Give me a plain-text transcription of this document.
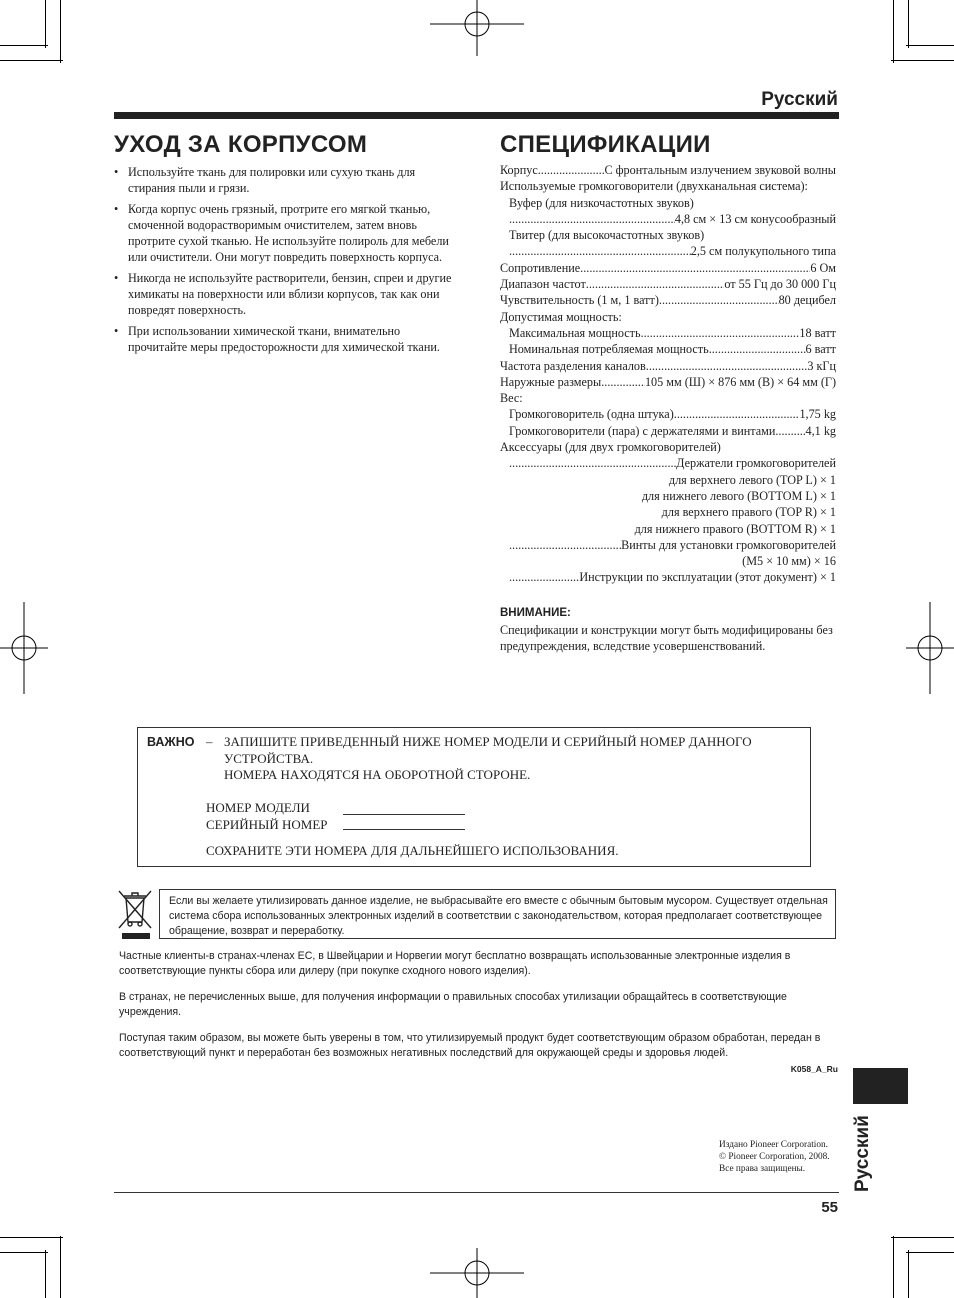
Русский
УХОД ЗА КОРПУСОМ
• Используйте ткань для полировки или сухую ткань для стирания пыли и грязи.
• Когда корпус очень грязный, протрите его мягкой тканью, смоченной водорастворимым очистителем, затем вновь протрите сухой тканью. Не используйте полироль для мебели или очистители. Они могут повредить поверхность корпуса.
• Никогда не используйте растворители, бензин, спреи и другие химикаты на поверхности или вблизи корпусов, так как они повредят поверхность.
• При использовании химической ткани, внимательно прочитайте меры предосторожности для химической ткани.
СПЕЦИФИКАЦИИ
Корпус. .....	С фронтальным излучением звуковой волны
Используемые громкоговорители (двухканальная система):
Вуфер (для низкочастотных звуков)
.....
4,8 см × 13 см конусообразный
Твитер (для высокочастотных звуков)
.....
2,5 см полукупольного типа
Сопротивление .....	6 Ом
Диапазон частот .....	от 55 Гц до 30 000 Гц
Чувствительность (1 м, 1 ватт) .....	80 децибел
Допустимая мощность:
Максимальная мощность .....	18 ватт
Номинальная потребляемая мощность .....	6 ватт
Частота разделения каналов .....	3 кГц
Наружные размеры .....	105 мм (Ш) × 876 мм (В) × 64 мм (Г)
Вес:
Громкоговоритель (одна штука) .....	1,75 kg
Громкоговорители (пара) с держателями и винтами ..... 4,1 kg
Аксессуары (для двух громкоговорителей)
.....
Держатели громкоговорителей
для верхнего левого (TOP L) × 1
для нижнего левого (BOTTOM L) × 1
для верхнего правого (TOP R) × 1
для нижнего правого (BOTTOM R) × 1
.....
Винты для установки громкоговорителей
(M5 × 10 мм) × 16
.....
Инструкции по эксплуатации (этот документ) × 1
ВНИМАНИЕ:
Спецификации и конструкции могут быть модифицированы без предупреждения, вследствие усовершенствований.
ВАЖНО – ЗАПИШИТЕ ПРИВЕДЕННЫЙ НИЖЕ НОМЕР МОДЕЛИ И СЕРИЙНЫЙ НОМЕР ДАННОГО УСТРОЙСТВА.
НОМЕРА НАХОДЯТСЯ НА ОБОРОТНОЙ СТОРОНЕ.
НОМЕР МОДЕЛИ
СЕРИЙНЫЙ НОМЕР
СОХРАНИТЕ ЭТИ НОМЕРА ДЛЯ ДАЛЬНЕЙШЕГО ИСПОЛЬЗОВАНИЯ.
Если вы желаете утилизировать данное изделие, не выбрасывайте его вместе с обычным бытовым мусором. Существует отдельная система сбора использованных электронных изделий в соответствии с законодательством, которая предполагает соответствующее обращение, возврат и переработку.
Частные клиенты-в странах-членах ЕС, в Швейцарии и Норвегии могут бесплатно возвращать использованные электронные изделия в соответствующие пункты сбора или дилеру (при покупке сходного нового изделия).
В странах, не перечисленных выше, для получения информации о правильных способах утилизации обращайтесь в соответствующие учреждения.
Поступая таким образом, вы можете быть уверены в том, что утилизируемый продукт будет соответствующим образом обработан, передан в соответствующий пункт и переработан без возможных негативных последствий для окружающей среды и здоровья людей.
K058_A_Ru
Русский
Издано Pioneer Corporation.
© Pioneer Corporation, 2008.
Все права защищены.
55
